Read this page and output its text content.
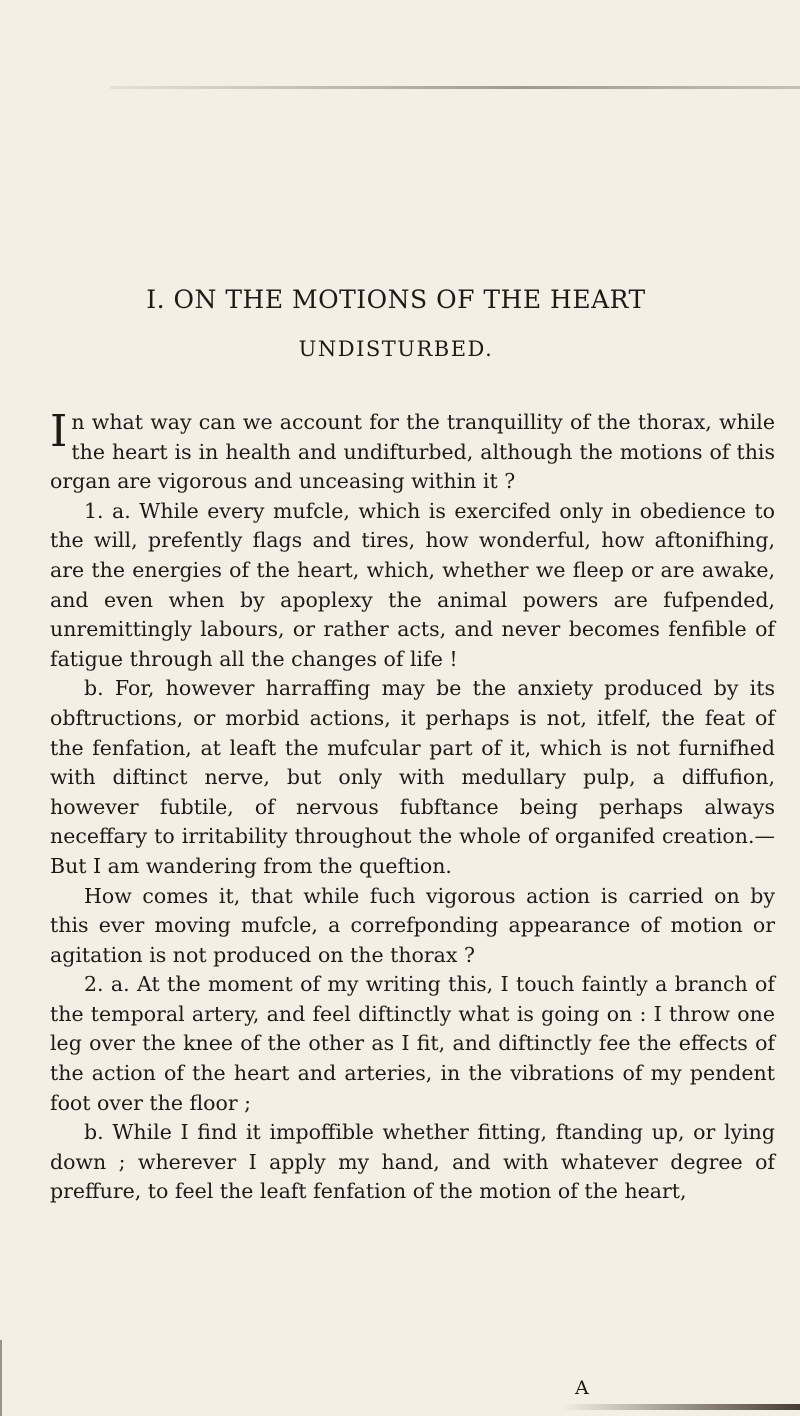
I. ON THE MOTIONS OF THE HEART
UNDISTURBED.

In what way can we account for the tranquillity of the thorax, while the heart is in health and undifturbed, although the motions of this organ are vigorous and unceasing within it ?

1. a. While every mufcle, which is exercifed only in obedience to the will, prefently flags and tires, how wonderful, how aftonifhing, are the energies of the heart, which, whether we fleep or are awake, and even when by apoplexy the animal powers are fufpended, unremittingly labours, or rather acts, and never becomes fenfible of fatigue through all the changes of life !

b. For, however harraffing may be the anxiety produced by its obftructions, or morbid actions, it perhaps is not, itfelf, the feat of the fenfation, at leaft the mufcular part of it, which is not furnifhed with diftinct nerve, but only with medullary pulp, a diffufion, however fubtile, of nervous fubftance being perhaps always neceffary to irritability throughout the whole of organifed creation.—But I am wandering from the queftion.

How comes it, that while fuch vigorous action is carried on by this ever moving mufcle, a correfponding appearance of motion or agitation is not produced on the thorax ?

2. a. At the moment of my writing this, I touch faintly a branch of the temporal artery, and feel diftinctly what is going on : I throw one leg over the knee of the other as I fit, and diftinctly fee the effects of the action of the heart and arteries, in the vibrations of my pendent foot over the floor ;

b. While I find it impoffible whether fitting, ftanding up, or lying down ; wherever I apply my hand, and with whatever degree of preffure, to feel the leaft fenfation of the motion of the heart,

A
